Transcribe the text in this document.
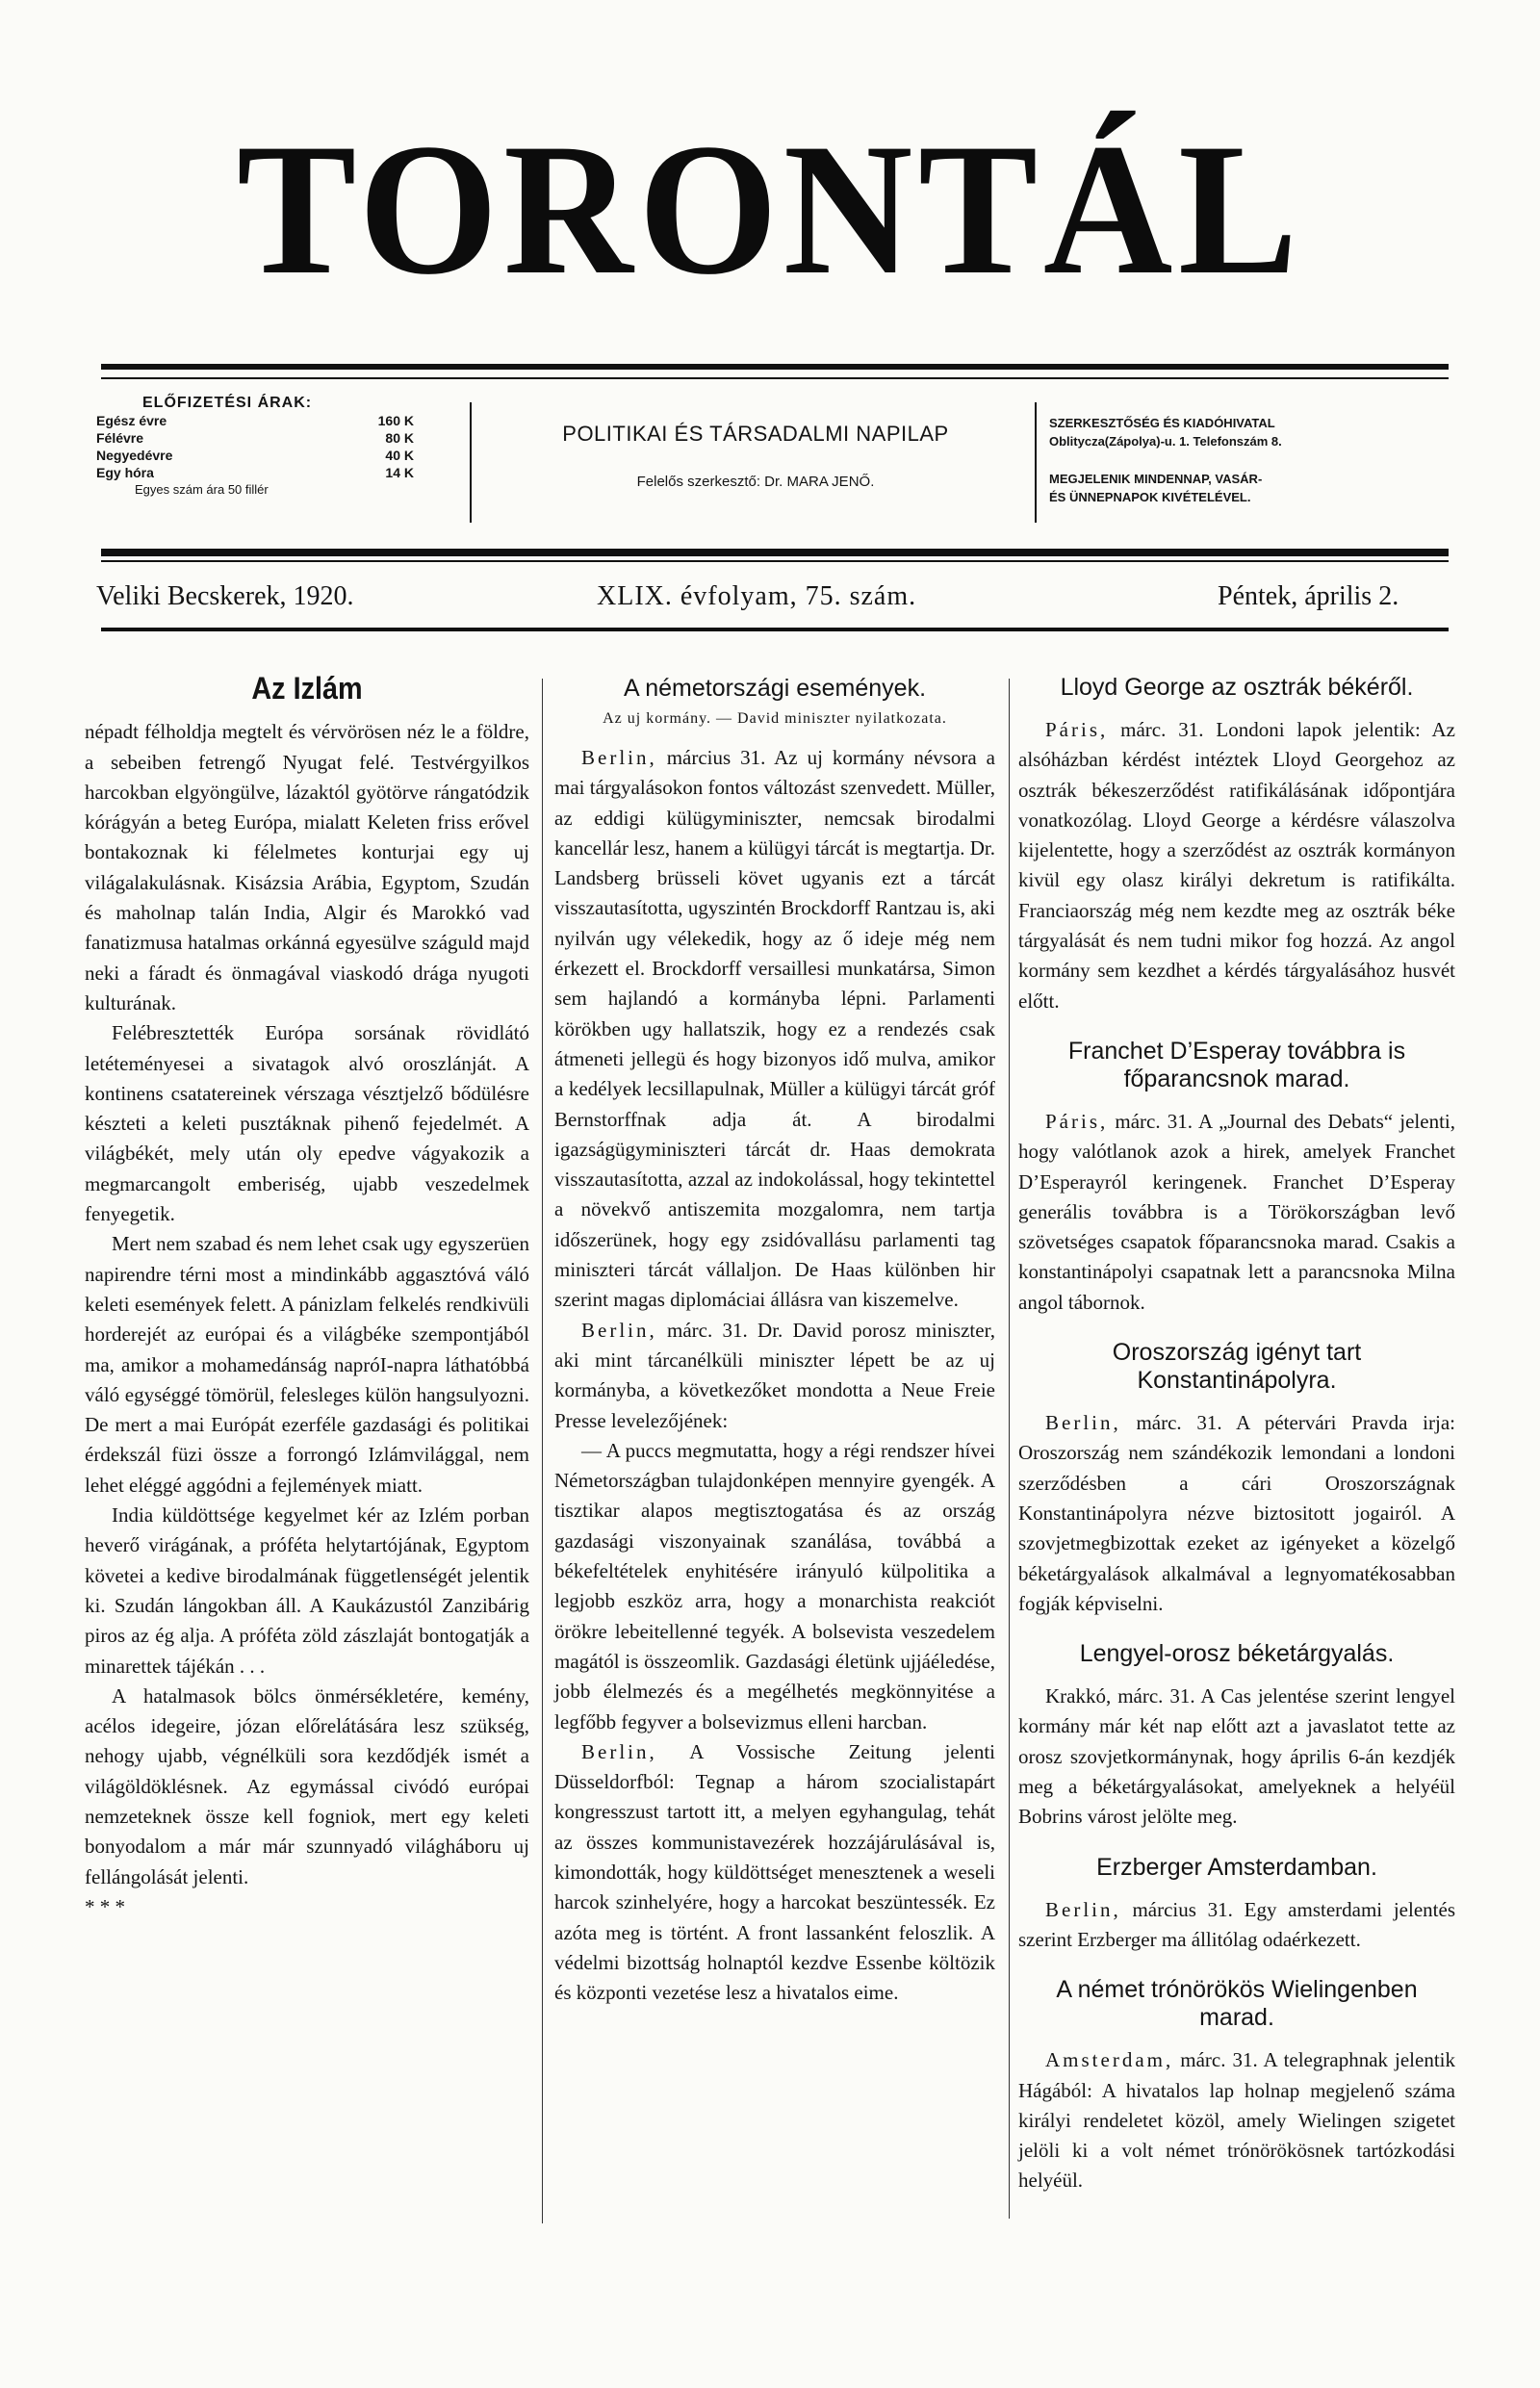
TORONTÁL
ELŐFIZETÉSI ÁRAK:
Egész évre	160 K
Félévre	80 K
Negyedévre	40 K
Egy hóra	14 K
Egyes szám ára 50 fillér
POLITIKAI ÉS TÁRSADALMI NAPILAP
Felelős szerkesztő: Dr. MARA JENŐ.
SZERKESZTŐSÉG ÉS KIADÓHIVATAL
Oblitycza(Zápolya)-u. 1. Telefonszám 8.
MEGJELENIK MINDENNAP, VASÁR-
ÉS ÜNNEPNAPOK KIVÉTELÉVEL.
Veliki Becskerek, 1920.	XLIX. évfolyam, 75. szám.	Péntek, április 2.
Az Izlám

népadt félholdja megtelt és vérvörösen néz le a földre, a sebeiben fetrengő Nyugat felé. Testvérgyilkos harcokban elgyöngülve, lázaktól gyötörve rángatódzik kórágyán a beteg Európa, mialatt Keleten friss erővel bontakoznak ki félelmetes konturjai egy uj világalakulásnak. Kisázsia Arábia, Egyptom, Szudán és maholnap talán India, Algir és Marokkó vad fanatizmusa hatalmas orkánná egyesülve száguld majd neki a fáradt és önmagával viaskodó drága nyugoti kulturának.

Felébresztették Európa sorsának rövidlátó letéteményesei a sivatagok alvó oroszlánját. A kontinens csatatereinek vérszaga vésztjelző bődülésre készteti a keleti pusztáknak pihenő fejedelmét. A világbékét, mely után oly epedve vágyakozik a megmarcangolt emberiség, ujabb veszedelmek fenyegetik.

Mert nem szabad és nem lehet csak ugy egyszerüen napirendre térni most a mindinkább aggasztóvá váló keleti események felett. A pánizlam felkelés rendkivüli horderejét az európai és a világbéke szempontjából ma, amikor a mohamedánság napróI-napra láthatóbbá váló egységgé tömörül, felesleges külön hangsulyozni. De mert a mai Európát ezerféle gazdasági és politikai érdekszál füzi össze a forrongó Izlámvilággal, nem lehet eléggé aggódni a fejlemények miatt.

India küldöttsége kegyelmet kér az Izlém porban heverő virágának, a próféta helytartójának, Egyptom követei a kedive birodalmának függetlenségét jelentik ki. Szudán lángokban áll. A Kaukázustól Zanzibárig piros az ég alja. A próféta zöld zászlaját bontogatják a minarettek tájékán . . .

A hatalmasok bölcs önmérsékletére, kemény, acélos idegeire, józan előrelátására lesz szükség, nehogy ujabb, végnélküli sora kezdődjék ismét a világöldöklésnek. Az egymással civódó európai nemzeteknek össze kell fogniok, mert egy keleti bonyodalom a már már szunnyadó világháboru uj fellángolását jelenti.

* * *

A németországi események.
Az uj kormány. — David miniszter nyilatkozata.

Berlin, március 31. Az uj kormány névsora a mai tárgyalásokon fontos változást szenvedett. Müller, az eddigi külügyminiszter, nemcsak birodalmi kancellár lesz, hanem a külügyi tárcát is megtartja. Dr. Landsberg brüsseli követ ugyanis ezt a tárcát visszautasította, ugyszintén Brockdorff Rantzau is, aki nyilván ugy vélekedik, hogy az ő ideje még nem érkezett el. Brockdorff versaillesi munkatársa, Simon sem hajlandó a kormányba lépni. Parlamenti körökben ugy hallatszik, hogy ez a rendezés csak átmeneti jellegü és hogy bizonyos idő mulva, amikor a kedélyek lecsillapulnak, Müller a külügyi tárcát gróf Bernstorffnak adja át. A birodalmi igazságügyminiszteri tárcát dr. Haas demokrata visszautasította, azzal az indokolással, hogy tekintettel a növekvő antiszemita mozgalomra, nem tartja időszerünek, hogy egy zsidóvallásu parlamenti tag miniszteri tárcát vállaljon. De Haas különben hir szerint magas diplomáciai állásra van kiszemelve.

Berlin, márc. 31. Dr. David porosz miniszter, aki mint tárcanélküli miniszter lépett be az uj kormányba, a következőket mondotta a Neue Freie Presse levelezőjének:

— A puccs megmutatta, hogy a régi rendszer hívei Németországban tulajdonképen mennyire gyengék. A tisztikar alapos megtisztogatása és az ország gazdasági viszonyainak szanálása, továbbá a békefeltételek enyhitésére irányuló külpolitika a legjobb eszköz arra, hogy a monarchista reakciót örökre lebeitellenné tegyék. A bolsevista veszedelem magától is összeomlik. Gazdasági életünk ujjáéledése, jobb élelmezés és a megélhetés megkönnyitése a legfőbb fegyver a bolsevizmus elleni harcban.

Berlin, A Vossische Zeitung jelenti Düsseldorfból: Tegnap a három szocialistapárt kongresszust tartott itt, a melyen egyhangulag, tehát az összes kommunistavezérek hozzájárulásával is, kimondották, hogy küldöttséget menesztenek a weseli harcok szinhelyére, hogy a harcokat beszüntessék. Ez azóta meg is történt. A front lassanként feloszlik. A védelmi bizottság holnaptól kezdve Essenbe költözik és központi vezetése lesz a hivatalos eime.

Lloyd George az osztrák békéről.

Páris, márc. 31. Londoni lapok jelentik: Az alsóházban kérdést intéztek Lloyd Georgehoz az osztrák békeszerződést ratifikálásának időpontjára vonatkozólag. Lloyd George a kérdésre válaszolva kijelentette, hogy a szerződést az osztrák kormányon kivül egy olasz királyi dekretum is ratifikálta. Franciaország még nem kezdte meg az osztrák béke tárgyalását és nem tudni mikor fog hozzá. Az angol kormány sem kezdhet a kérdés tárgyalásához husvét előtt.

Franchet D’Esperay továbbra is főparancsnok marad.

Páris, márc. 31. A „Journal des Debats“ jelenti, hogy valótlanok azok a hirek, amelyek Franchet D’Esperayról keringenek. Franchet D’Esperay generális továbbra is a Törökországban levő szövetséges csapatok főparancsnoka marad. Csakis a konstantinápolyi csapatnak lett a parancsnoka Milna angol tábornok.

Oroszország igényt tart Konstantinápolyra.

Berlin, márc. 31. A pétervári Pravda irja: Oroszország nem szándékozik lemondani a londoni szerződésben a cári Oroszországnak Konstantinápolyra nézve biztositott jogairól. A szovjetmegbizottak ezeket az igényeket a közelgő béketárgyalások alkalmával a legnyomatékosabban fogják képviselni.

Lengyel-orosz béketárgyalás.

Krakkó, márc. 31. A Cas jelentése szerint lengyel kormány már két nap előtt azt a javaslatot tette az orosz szovjetkormánynak, hogy április 6-án kezdjék meg a béketárgyalásokat, amelyeknek a helyéül Bobrins várost jelölte meg.

Erzberger Amsterdamban.

Berlin, március 31. Egy amsterdami jelentés szerint Erzberger ma állitólag odaérkezett.

A német trónörökös Wielingenben marad.

Amsterdam, márc. 31. A telegraphnak jelentik Hágából: A hivatalos lap holnap megjelenő száma királyi rendeletet közöl, amely Wielingen szigetet jelöli ki a volt német trónörökösnek tartózkodási helyéül.
